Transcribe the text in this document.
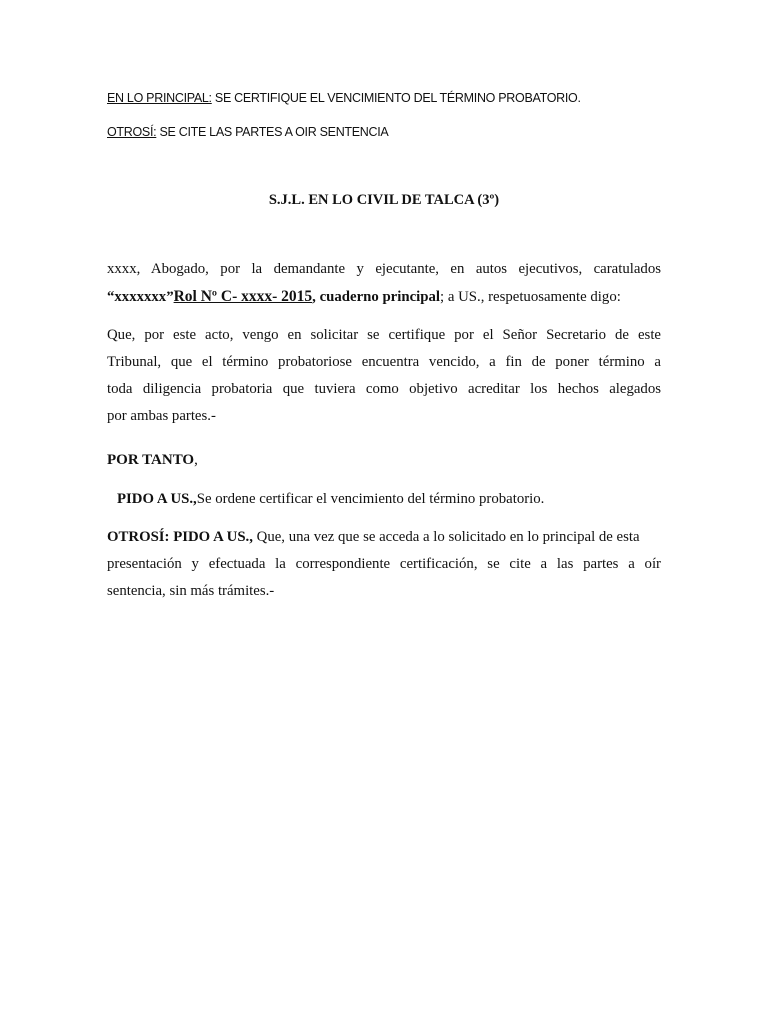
EN LO PRINCIPAL: SE CERTIFIQUE EL VENCIMIENTO DEL TÉRMINO PROBATORIO.

OTROSÍ: SE CITE LAS PARTES A OIR SENTENCIA

S.J.L. EN LO CIVIL DE TALCA (3º)

xxxx, Abogado, por la demandante y ejecutante, en autos ejecutivos, caratulados
“xxxxxxx”Rol Nº C- xxxx- 2015, cuaderno principal; a US., respetuosamente digo:
Que, por este acto, vengo en solicitar se certifique por el Señor Secretario de este
Tribunal, que el término probatoriose encuentra vencido, a fin de poner término a
toda diligencia probatoria que tuviera como objetivo acreditar los hechos alegados
por ambas partes.-

POR TANTO,

PIDO A US.,Se ordene certificar el vencimiento del término probatorio.

OTROSÍ: PIDO A US., Que, una vez que se acceda a lo solicitado en lo principal de esta
presentación y efectuada la correspondiente certificación, se cite a las partes a oír
sentencia, sin más trámites.-
